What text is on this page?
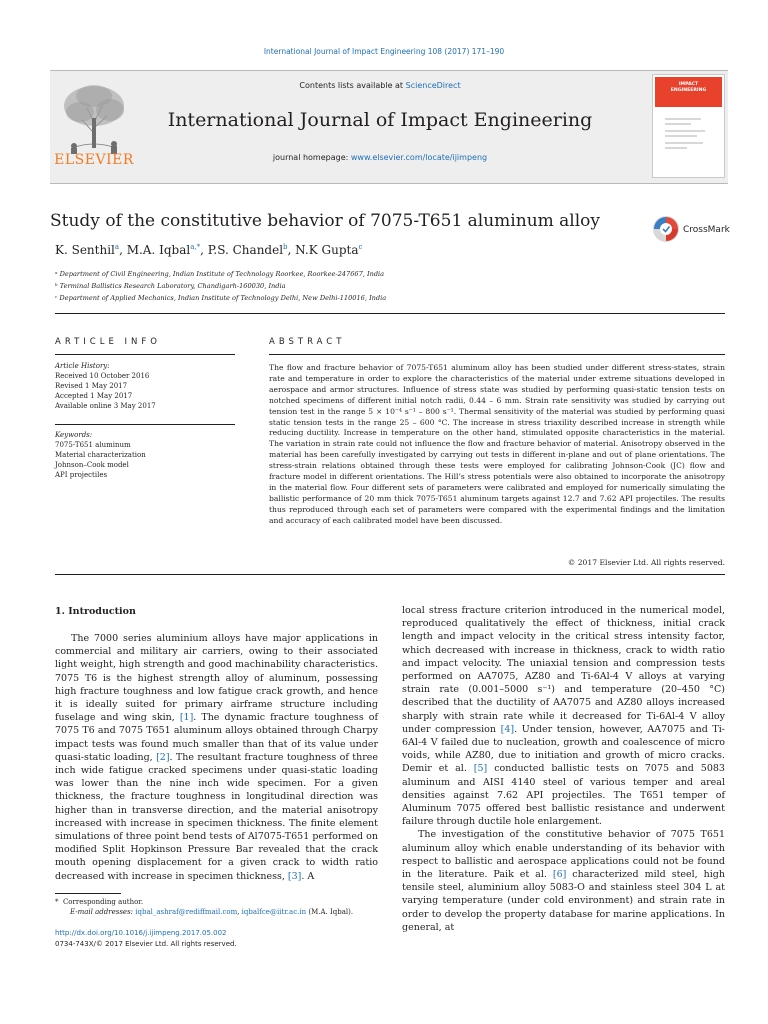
International Journal of Impact Engineering 108 (2017) 171–190
ELSEVIER
Contents lists available at ScienceDirect
International Journal of Impact Engineering
journal homepage: www.elsevier.com/locate/ijimpeng
IMPACT
ENGINEERING
Study of the constitutive behavior of 7075-T651 aluminum alloy	CrossMark
K. Senthil$^a$, M.A. Iqbal$^{a,*}$, P.S. Chandel$^b$, N.K Gupta$^c$
ᵃ Department of Civil Engineering, Indian Institute of Technology Roorkee, Roorkee-247667, India
ᵇ Terminal Ballistics Research Laboratory, Chandigarh-160030, India
ᶜ Department of Applied Mechanics, Indian Institute of Technology Delhi, New Delhi-110016, India
ARTICLE INFO
Article History:
Received 10 October 2016
Revised 1 May 2017
Accepted 1 May 2017
Available online 3 May 2017
Keywords:
7075-T651 aluminum
Material characterization
Johnson–Cook model
API projectiles
ABSTRACT
The flow and fracture behavior of 7075-T651 aluminum alloy has been studied under different stress-states, strain rate and temperature in order to explore the characteristics of the material under extreme situations developed in aerospace and armor structures. Influence of stress state was studied by performing quasi-static tension tests on notched specimens of different initial notch radii, 0.44 – 6 mm. Strain rate sensitivity was studied by carrying out tension test in the range 5 × 10⁻⁴ s⁻¹ – 800 s⁻¹. Thermal sensitivity of the material was studied by performing quasi static tension tests in the range 25 – 600 °C. The increase in stress triaxility described increase in strength while reducing ductility. Increase in temperature on the other hand, stimulated opposite characteristics in the material. The variation in strain rate could not influence the flow and fracture behavior of material. Anisotropy observed in the material has been carefully investigated by carrying out tests in different in-plane and out of plane orientations. The stress-strain relations obtained through these tests were employed for calibrating Johnson-Cook (JC) flow and fracture model in different orientations. The Hill’s stress potentials were also obtained to incorporate the anisotropy in the material flow. Four different sets of parameters were calibrated and employed for numerically simulating the ballistic performance of 20 mm thick 7075-T651 aluminum targets against 12.7 and 7.62 API projectiles. The results thus reproduced through each set of parameters were compared with the experimental findings and the limitation and accuracy of each calibrated model have been discussed.
© 2017 Elsevier Ltd. All rights reserved.
1. Introduction

The 7000 series aluminium alloys have major applications in commercial and military air carriers, owing to their associated light weight, high strength and good machinability characteristics. 7075 T6 is the highest strength alloy of aluminum, possessing high fracture toughness and low fatigue crack growth, and hence it is ideally suited for primary airframe structure including fuselage and wing skin, [1]. The dynamic fracture toughness of 7075 T6 and 7075 T651 aluminum alloys obtained through Charpy impact tests was found much smaller than that of its value under quasi-static loading, [2]. The resultant fracture toughness of three inch wide fatigue cracked specimens under quasi-static loading was lower than the nine inch wide specimen. For a given thickness, the fracture toughness in longitudinal direction was higher than in transverse direction, and the material anisotropy increased with increase in specimen thickness. The finite element simulations of three point bend tests of Al7075-T651 performed on modified Split Hopkinson Pressure Bar revealed that the crack mouth opening displacement for a given crack to width ratio decreased with increase in specimen thickness, [3]. A

local stress fracture criterion introduced in the numerical model, reproduced qualitatively the effect of thickness, initial crack length and impact velocity in the critical stress intensity factor, which decreased with increase in thickness, crack to width ratio and impact velocity. The uniaxial tension and compression tests performed on AA7075, AZ80 and Ti-6Al-4 V alloys at varying strain rate (0.001–5000 s⁻¹) and temperature (20–450 °C) described that the ductility of AA7075 and AZ80 alloys increased sharply with strain rate while it decreased for Ti-6Al-4 V alloy under compression [4]. Under tension, however, AA7075 and Ti-6Al-4 V failed due to nucleation, growth and coalescence of micro voids, while AZ80, due to initiation and growth of micro cracks. Demir et al. [5] conducted ballistic tests on 7075 and 5083 aluminum and AISI 4140 steel of various temper and areal densities against 7.62 API projectiles. The T651 temper of Aluminum 7075 offered best ballistic resistance and underwent failure through ductile hole enlargement.

The investigation of the constitutive behavior of 7075 T651 aluminum alloy which enable understanding of its behavior with respect to ballistic and aerospace applications could not be found in the literature. Paik et al. [6] characterized mild steel, high tensile steel, aluminium alloy 5083-O and stainless steel 304 L at varying temperature (under cold environment) and strain rate in order to develop the property database for marine applications. In general, at

* Corresponding author.
E-mail addresses: iqbal_ashraf@rediffmail.com, iqbalfce@iitr.ac.in (M.A. Iqbal).
http://dx.doi.org/10.1016/j.ijimpeng.2017.05.002
0734-743X/© 2017 Elsevier Ltd. All rights reserved.
